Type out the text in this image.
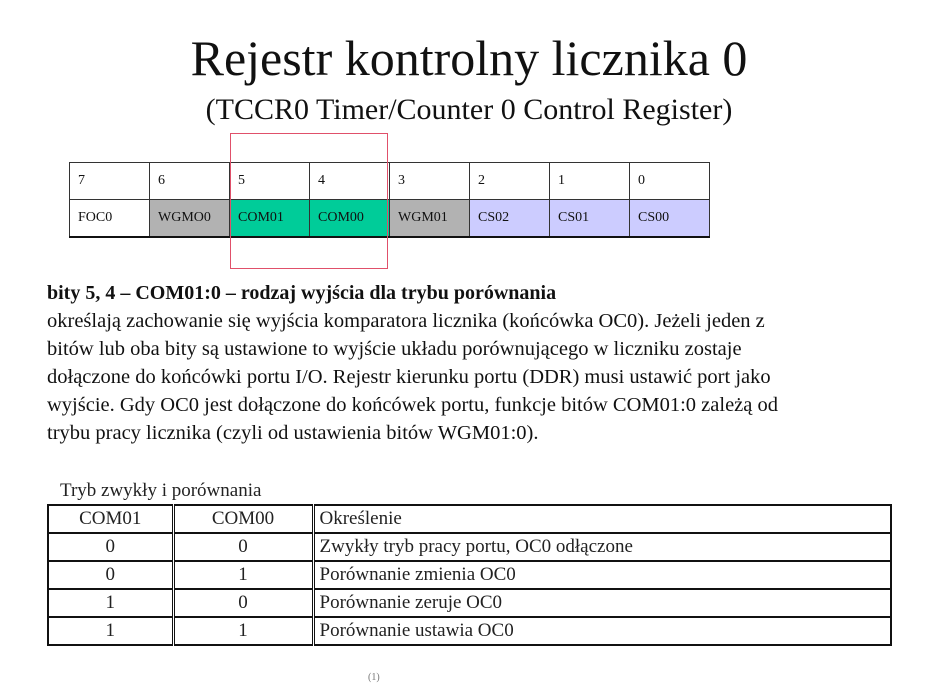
Rejestr kontrolny licznika 0
(TCCR0 Timer/Counter 0 Control Register)
7	6	5	4	3	2	1	0
FOC0	WGMO0	COM01	COM00	WGM01	CS02	CS01	CS00
bity 5, 4 – COM01:0 – rodzaj wyjścia dla trybu porównania
określają zachowanie się wyjścia komparatora licznika (końcówka OC0). Jeżeli jeden z
bitów lub oba bity są ustawione to wyjście układu porównującego w liczniku zostaje
dołączone do końcówki portu I/O. Rejestr kierunku portu (DDR) musi ustawić port jako
wyjście. Gdy OC0 jest dołączone do końcówek portu, funkcje bitów COM01:0 zależą od
trybu pracy licznika (czyli od ustawienia bitów WGM01:0).
Tryb zwykły i porównania
COM01	COM00	Określenie
0	0	Zwykły tryb pracy portu, OC0 odłączone
0	1	Porównanie zmienia OC0
1	0	Porównanie zeruje OC0
1	1	Porównanie ustawia OC0
(1)
